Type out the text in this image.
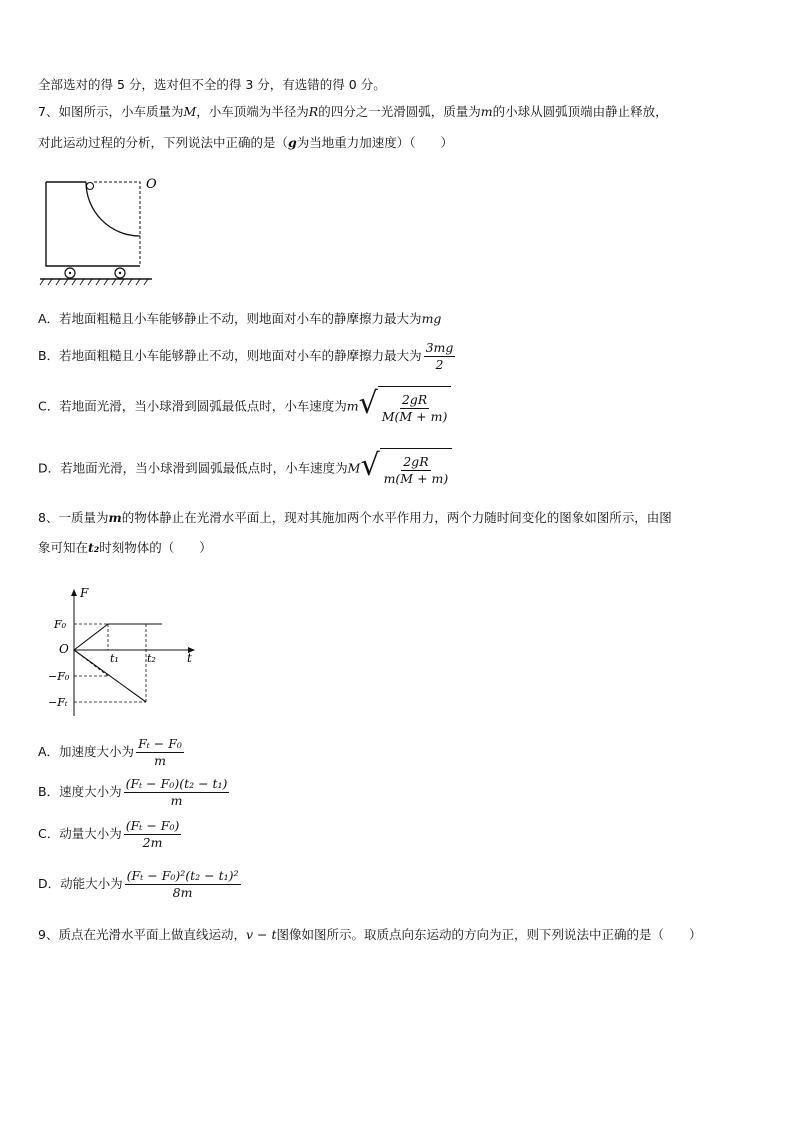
全部选对的得 5 分，选对但不全的得 3 分，有选错的得 0 分。
7、如图所示，小车质量为M，小车顶端为半径为R的四分之一光滑圆弧，质量为m的小球从圆弧顶端由静止释放，
对此运动过程的分析，下列说法中正确的是（g为当地重力加速度）（　　）
O
A．若地面粗糙且小车能够静止不动，则地面对小车的静摩擦力最大为mg
B．若地面粗糙且小车能够静止不动，则地面对小车的静摩擦力最大为 $\frac{3mg}{2}$
C．若地面光滑，当小球滑到圆弧最低点时，小车速度为m √ $\frac{2gR}{M(M + m)}$
D．若地面光滑，当小球滑到圆弧最低点时，小车速度为M √ $\frac{2gR}{m(M + m)}$
8、一质量为m的物体静止在光滑水平面上，现对其施加两个水平作用力，两个力随时间变化的图象如图所示，由图
象可知在t₂时刻物体的（　　）
F
t
O
F₀
−F₀
−Fₜ
t₁	t₂
A．加速度大小为 $\frac{\text{Fₜ − F₀}}{m}$
B．速度大小为 $\frac{\text{(Fₜ − F₀)(t₂ − t₁)}}{m}$
C．动量大小为 $\frac{\text{(Fₜ − F₀)}}{2m}$
D．动能大小为 $\frac{\text{(Fₜ − F₀)²(t₂ − t₁)²}}{8m}$
9、质点在光滑水平面上做直线运动，v − t图像如图所示。取质点向东运动的方向为正，则下列说法中正确的是（　　）
